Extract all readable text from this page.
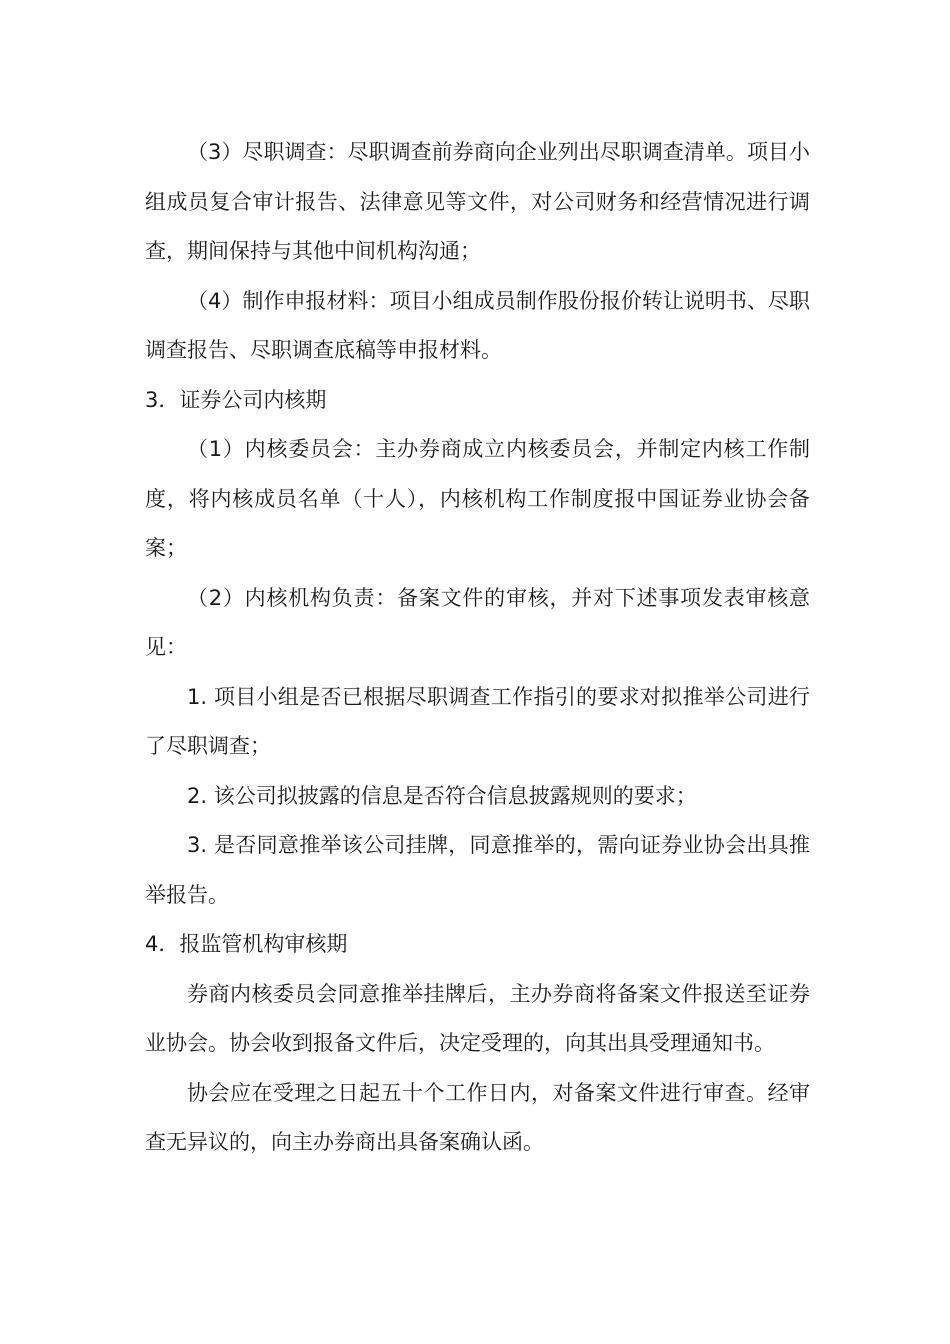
（3）尽职调查：尽职调查前券商向企业列出尽职调查清单。项目小组成员复合审计报告、法律意见等文件，对公司财务和经营情况进行调查，期间保持与其他中间机构沟通；

（4）制作申报材料：项目小组成员制作股份报价转让说明书、尽职调查报告、尽职调查底稿等申报材料。

3．证券公司内核期

（1）内核委员会：主办券商成立内核委员会，并制定内核工作制度，将内核成员名单（十人），内核机构工作制度报中国证券业协会备案；

（2）内核机构负责：备案文件的审核，并对下述事项发表审核意见：

1. 项目小组是否已根据尽职调查工作指引的要求对拟推举公司进行了尽职调查；

2. 该公司拟披露的信息是否符合信息披露规则的要求；

3. 是否同意推举该公司挂牌，同意推举的，需向证券业协会出具推举报告。

4．报监管机构审核期

券商内核委员会同意推举挂牌后，主办券商将备案文件报送至证券业协会。协会收到报备文件后，决定受理的，向其出具受理通知书。

协会应在受理之日起五十个工作日内，对备案文件进行审查。经审查无异议的，向主办券商出具备案确认函。
